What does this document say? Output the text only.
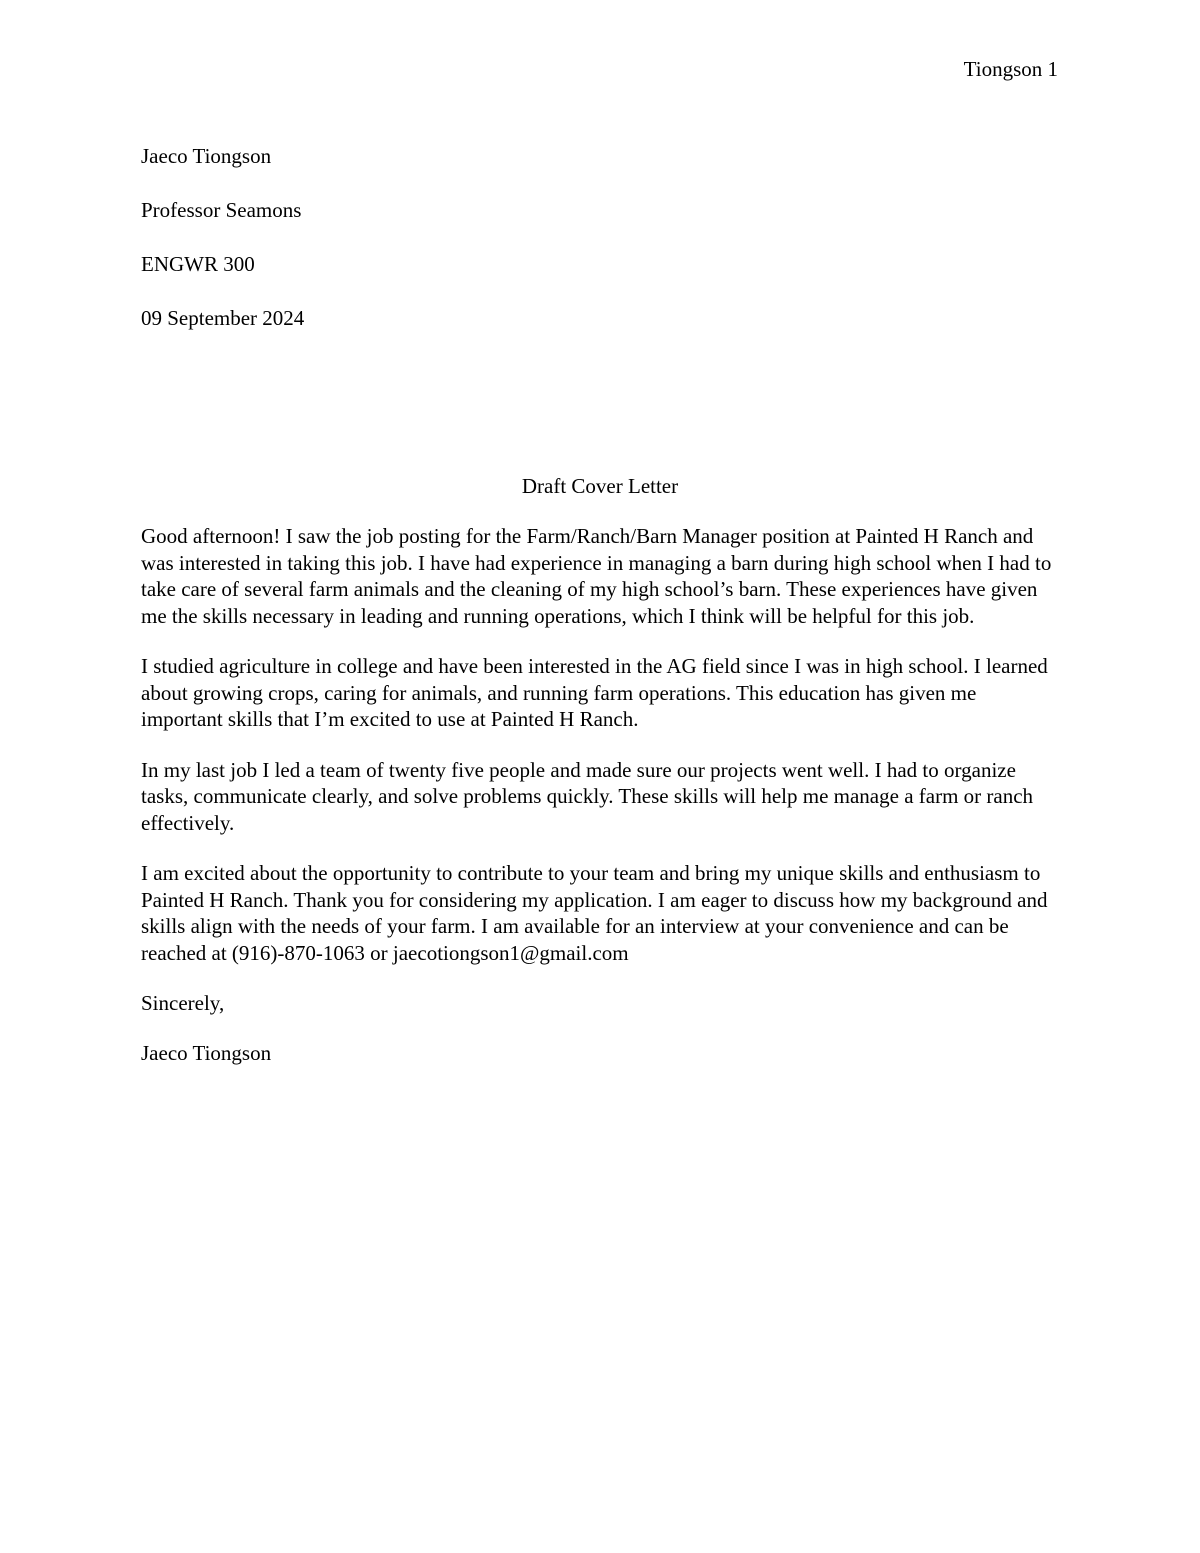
Tiongson 1
Jaeco Tiongson
Professor Seamons
ENGWR 300
09 September 2024
Draft Cover Letter

Good afternoon! I saw the job posting for the Farm/Ranch/Barn Manager position at Painted H Ranch and was interested in taking this job. I have had experience in managing a barn during high school when I had to take care of several farm animals and the cleaning of my high school’s barn. These experiences have given me the skills necessary in leading and running operations, which I think will be helpful for this job.

I studied agriculture in college and have been interested in the AG field since I was in high school. I learned about growing crops, caring for animals, and running farm operations. This education has given me important skills that I’m excited to use at Painted H Ranch.

In my last job I led a team of twenty five people and made sure our projects went well. I had to organize tasks, communicate clearly, and solve problems quickly. These skills will help me manage a farm or ranch effectively.

I am excited about the opportunity to contribute to your team and bring my unique skills and enthusiasm to Painted H Ranch. Thank you for considering my application. I am eager to discuss how my background and skills align with the needs of your farm. I am available for an interview at your convenience and can be reached at (916)-870-1063 or jaecotiongson1@gmail.com

Sincerely,
Jaeco Tiongson
